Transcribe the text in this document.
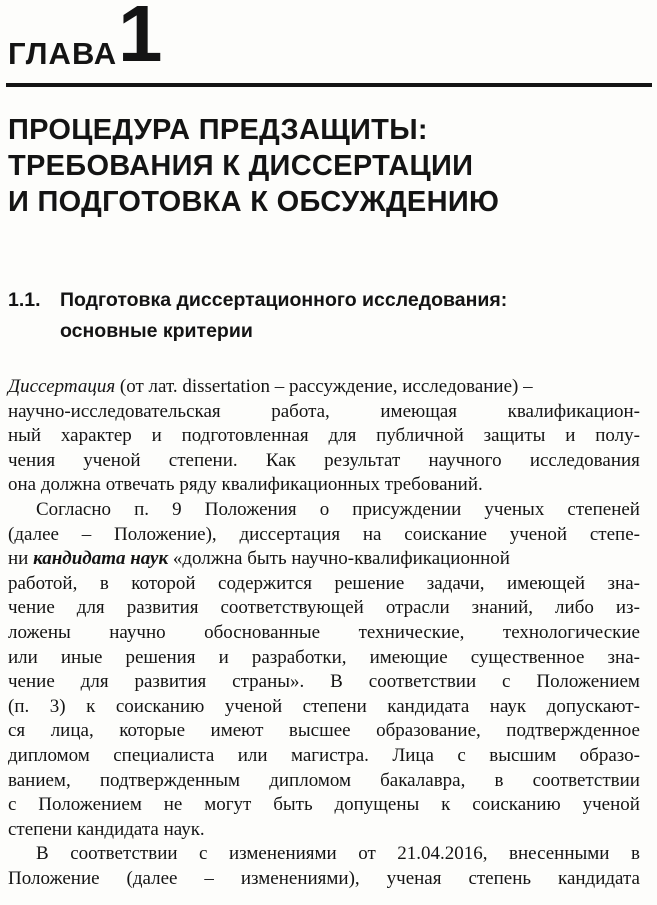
ГЛАВА 1
ПРОЦЕДУРА ПРЕДЗАЩИТЫ:
ТРЕБОВАНИЯ К ДИССЕРТАЦИИ
И ПОДГОТОВКА К ОБСУЖДЕНИЮ
1.1. Подготовка диссертационного исследования:
основные критерии
Диссертация (от лат. dissertation – рассуждение, исследование) –
научно-исследовательская	работа,	имеющая	квалификацион-
ный характер и подготовленная для публичной защиты и полу-
чения ученой степени. Как результат научного исследования
она должна отвечать ряду квалификационных требований.
Согласно п. 9 Положения о присуждении ученых степеней
(далее – Положение), диссертация на соискание ученой степе-
ни кандидата наук «должна быть научно-квалификационной
работой, в которой содержится решение задачи, имеющей зна-
чение для развития соответствующей отрасли знаний, либо из-
ложены научно обоснованные технические, технологические
или иные решения и разработки, имеющие существенное зна-
чение для развития страны». В соответствии с Положением
(п. 3) к соисканию ученой степени кандидата наук допускают-
ся лица, которые имеют высшее образование, подтвержденное
дипломом специалиста или магистра. Лица с высшим образо-
ванием, подтвержденным дипломом бакалавра, в соответствии
с Положением не могут быть допущены к соисканию ученой
степени кандидата наук.
В соответствии с изменениями от 21.04.2016, внесенными в
Положение (далее – изменениями), ученая степень кандидата
